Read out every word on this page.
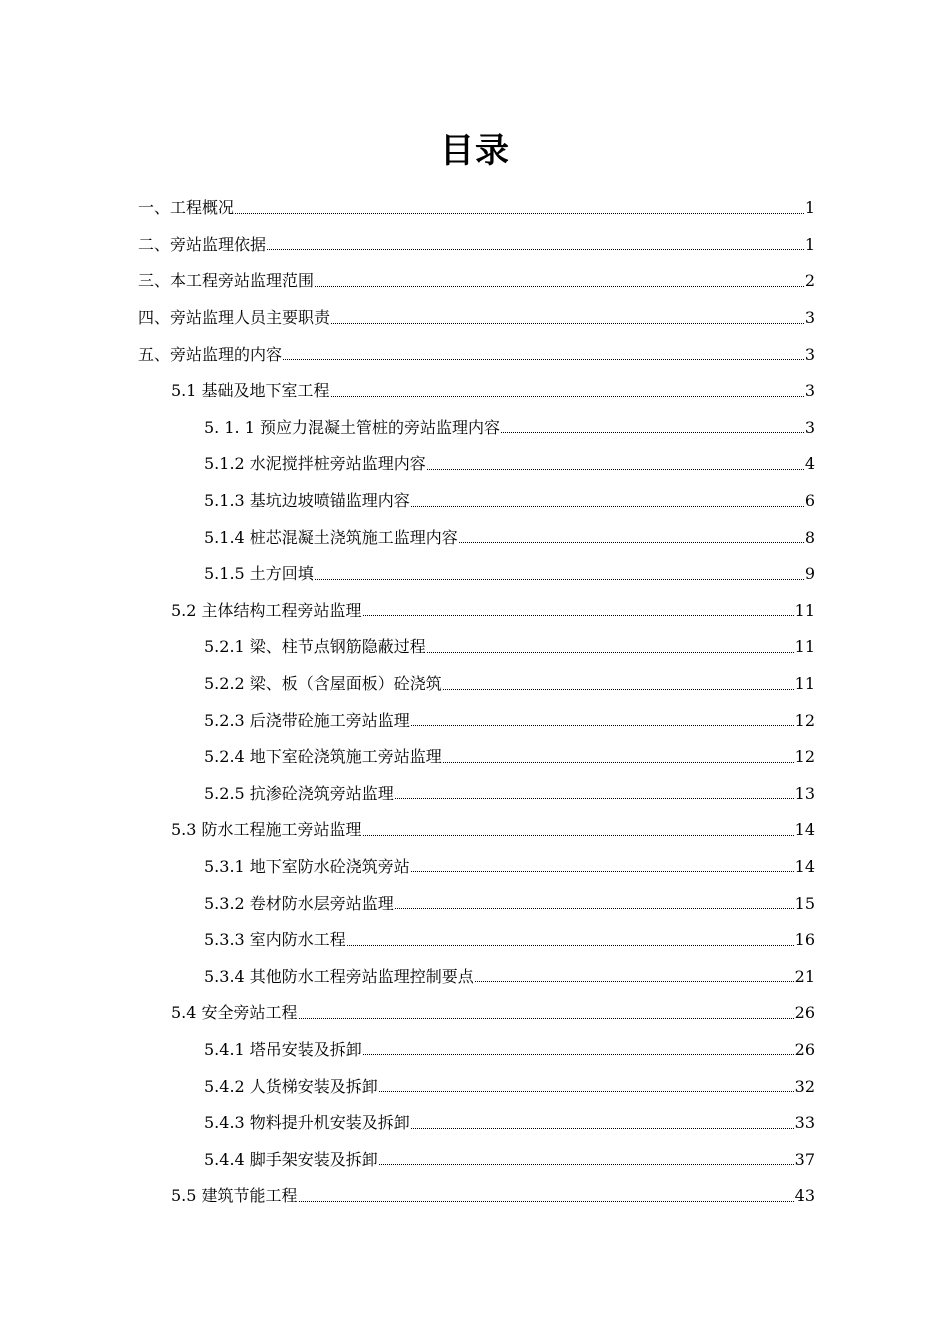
目录
一、工程概况	1
二、旁站监理依据	1
三、本工程旁站监理范围	2
四、旁站监理人员主要职责	3
五、旁站监理的内容	3
5.1 基础及地下室工程	3
5. 1. 1 预应力混凝土管桩的旁站监理内容	3
5.1.2 水泥搅拌桩旁站监理内容	4
5.1.3 基坑边坡喷锚监理内容	6
5.1.4 桩芯混凝土浇筑施工监理内容	8
5.1.5 土方回填	9
5.2 主体结构工程旁站监理	11
5.2.1 梁、柱节点钢筋隐蔽过程	11
5.2.2 梁、板（含屋面板）砼浇筑	11
5.2.3 后浇带砼施工旁站监理	12
5.2.4 地下室砼浇筑施工旁站监理	12
5.2.5 抗渗砼浇筑旁站监理	13
5.3 防水工程施工旁站监理	14
5.3.1 地下室防水砼浇筑旁站	14
5.3.2 卷材防水层旁站监理	15
5.3.3 室内防水工程	16
5.3.4 其他防水工程旁站监理控制要点	21
5.4 安全旁站工程	26
5.4.1 塔吊安装及拆卸	26
5.4.2 人货梯安装及拆卸	32
5.4.3 物料提升机安装及拆卸	33
5.4.4 脚手架安装及拆卸	37
5.5 建筑节能工程	43
